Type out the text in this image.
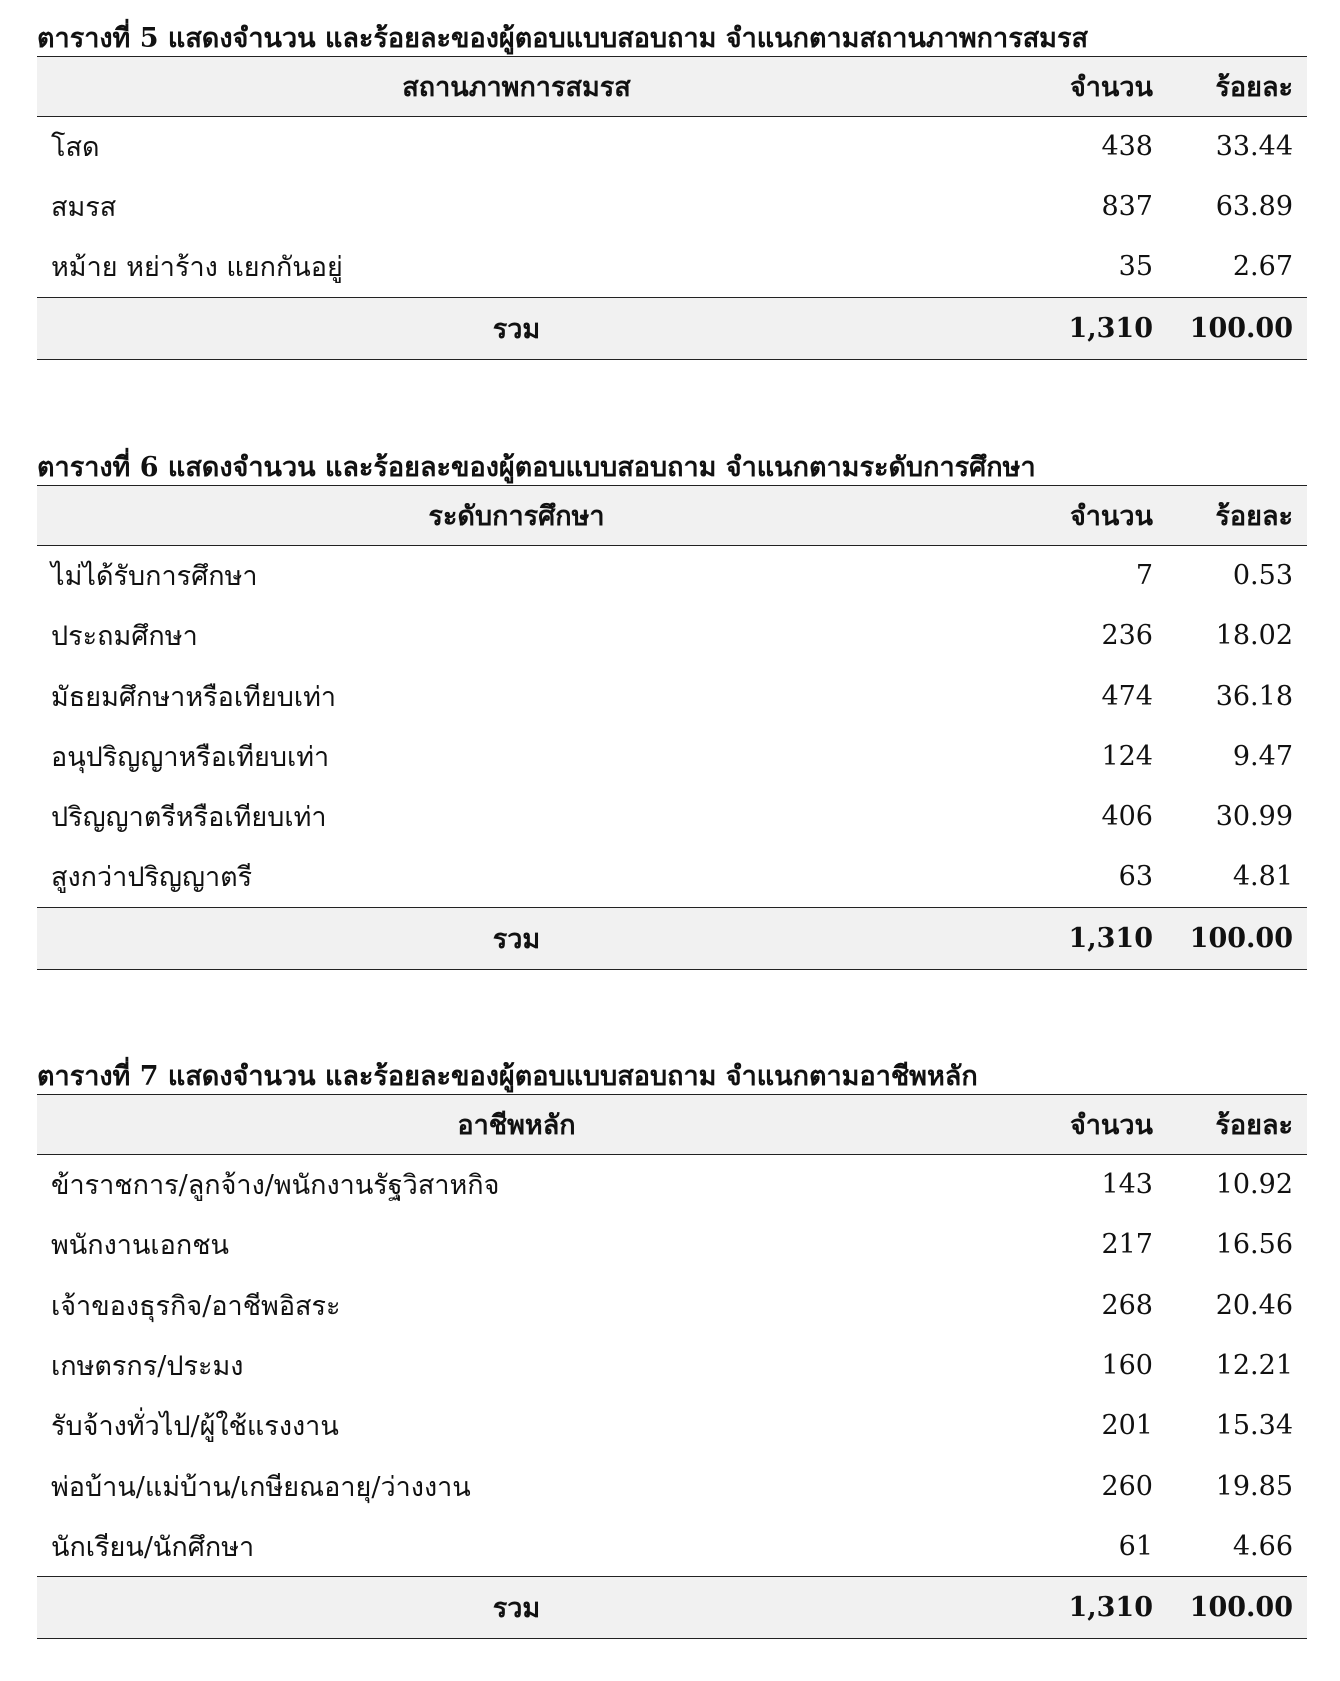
ตารางที่ 5 แสดงจำนวน และร้อยละของผู้ตอบแบบสอบถาม จำแนกตามสถานภาพการสมรส
สถานภาพการสมรส	จำนวน	ร้อยละ
โสด	438	33.44
สมรส	837	63.89
หม้าย หย่าร้าง แยกกันอยู่	35	2.67
รวม	1,310	100.00
ตารางที่ 6 แสดงจำนวน และร้อยละของผู้ตอบแบบสอบถาม จำแนกตามระดับการศึกษา
ระดับการศึกษา	จำนวน	ร้อยละ
ไม่ได้รับการศึกษา	7	0.53
ประถมศึกษา	236	18.02
มัธยมศึกษาหรือเทียบเท่า	474	36.18
อนุปริญญาหรือเทียบเท่า	124	9.47
ปริญญาตรีหรือเทียบเท่า	406	30.99
สูงกว่าปริญญาตรี	63	4.81
รวม	1,310	100.00
ตารางที่ 7 แสดงจำนวน และร้อยละของผู้ตอบแบบสอบถาม จำแนกตามอาชีพหลัก
อาชีพหลัก	จำนวน	ร้อยละ
ข้าราชการ/ลูกจ้าง/พนักงานรัฐวิสาหกิจ	143	10.92
พนักงานเอกชน	217	16.56
เจ้าของธุรกิจ/อาชีพอิสระ	268	20.46
เกษตรกร/ประมง	160	12.21
รับจ้างทั่วไป/ผู้ใช้แรงงาน	201	15.34
พ่อบ้าน/แม่บ้าน/เกษียณอายุ/ว่างงาน	260	19.85
นักเรียน/นักศึกษา	61	4.66
รวม	1,310	100.00
